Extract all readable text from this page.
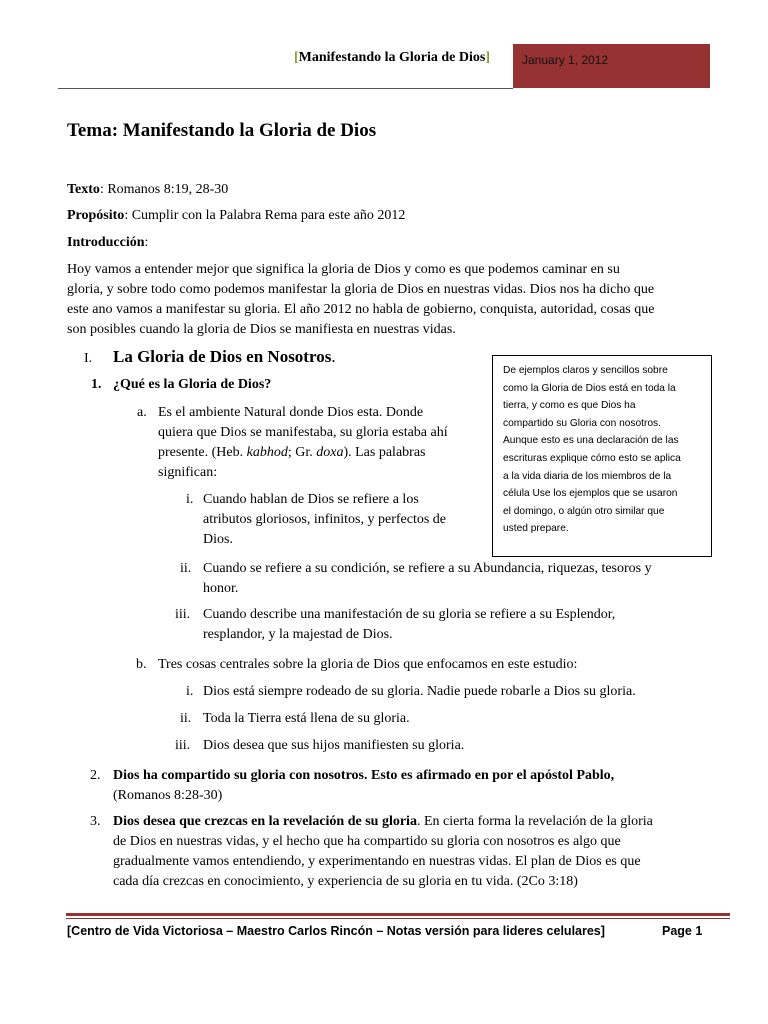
[Manifestando la Gloria de Dios]	January 1, 2012
Tema: Manifestando la Gloria de Dios
Texto: Romanos 8:19, 28-30
Propósito: Cumplir con la Palabra Rema para este año 2012
Introducción:
Hoy vamos a entender mejor que significa la gloria de Dios y como es que podemos caminar en su
gloria, y sobre todo como podemos manifestar la gloria de Dios en nuestras vidas. Dios nos ha dicho que
este ano vamos a manifestar su gloria. El año 2012 no habla de gobierno, conquista, autoridad, cosas que
son posibles cuando la gloria de Dios se manifiesta en nuestras vidas.
I. La Gloria de Dios en Nosotros.
1. ¿Qué es la Gloria de Dios?
a. Es el ambiente Natural donde Dios esta. Donde
quiera que Dios se manifestaba, su gloria estaba ahí
presente. (Heb. kabhod; Gr. doxa). Las palabras
significan:
i. Cuando hablan de Dios se refiere a los
atributos gloriosos, infinitos, y perfectos de
Dios.
ii. Cuando se refiere a su condición, se refiere a su Abundancia, riquezas, tesoros y
honor.
iii. Cuando describe una manifestación de su gloria se refiere a su Esplendor,
resplandor, y la majestad de Dios.
b. Tres cosas centrales sobre la gloria de Dios que enfocamos en este estudio:
i. Dios está siempre rodeado de su gloria. Nadie puede robarle a Dios su gloria.
ii. Toda la Tierra está llena de su gloria.
iii. Dios desea que sus hijos manifiesten su gloria.
2. Dios ha compartido su gloria con nosotros. Esto es afirmado en por el apóstol Pablo,
(Romanos 8:28-30)
3. Dios desea que crezcas en la revelación de su gloria. En cierta forma la revelación de la gloria
de Dios en nuestras vidas, y el hecho que ha compartido su gloria con nosotros es algo que
gradualmente vamos entendiendo, y experimentando en nuestras vidas. El plan de Dios es que
cada día crezcas en conocimiento, y experiencia de su gloria en tu vida. (2Co 3:18)
De ejemplos claros y sencillos sobre
como la Gloria de Dios está en toda la
tierra, y como es que Dios ha
compartido su Gloria con nosotros.
Aunque esto es una declaración de las
escrituras explique cómo esto se aplica
a la vida diaria de los miembros de la
célula Use los ejemplos que se usaron
el domingo, o algún otro similar que
usted prepare.
[Centro de Vida Victoriosa – Maestro Carlos Rincón – Notas versión para lideres celulares]	Page 1
